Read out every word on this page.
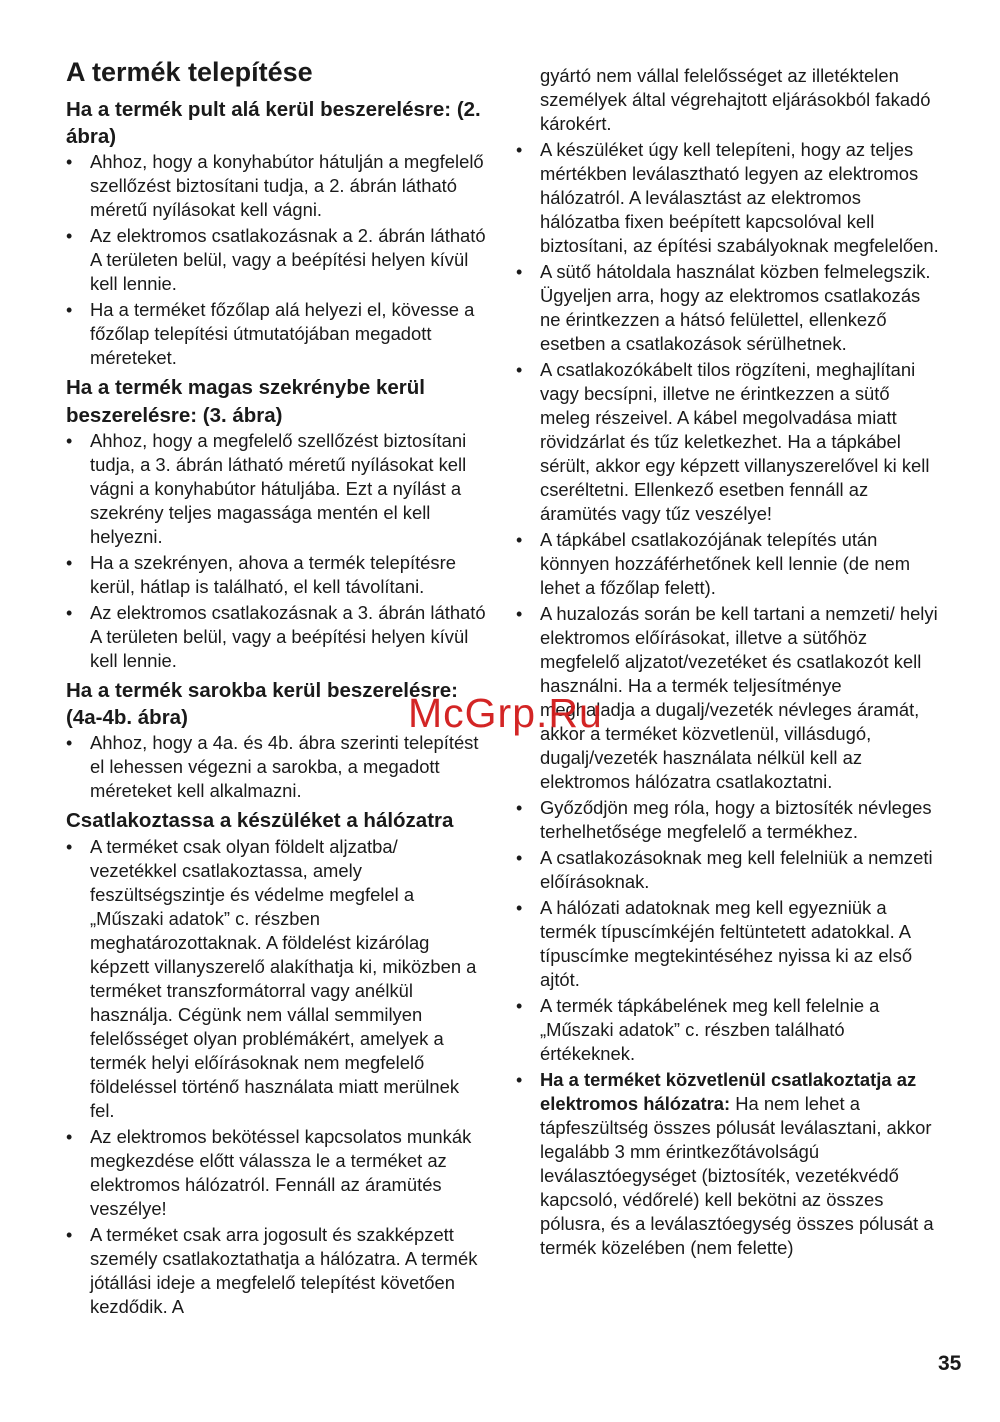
A termék telepítése
Ha a termék pult alá kerül beszerelésre: (2. ábra)
• Ahhoz, hogy a konyhabútor hátulján a megfelelő szellőzést biztosítani tudja, a 2. ábrán látható méretű nyílásokat kell vágni.
• Az elektromos csatlakozásnak a 2. ábrán látható A területen belül, vagy a beépítési helyen kívül kell lennie.
• Ha a terméket főzőlap alá helyezi el, kövesse a főzőlap telepítési útmutatójában megadott méreteket.
Ha a termék magas szekrénybe kerül beszerelésre: (3. ábra)
• Ahhoz, hogy a megfelelő szellőzést biztosítani tudja, a 3. ábrán látható méretű nyílásokat kell vágni a konyhabútor hátuljába. Ezt a nyílást a szekrény teljes magassága mentén el kell helyezni.
• Ha a szekrényen, ahova a termék telepítésre kerül, hátlap is található, el kell távolítani.
• Az elektromos csatlakozásnak a 3. ábrán látható A területen belül, vagy a beépítési helyen kívül kell lennie.
Ha a termék sarokba kerül beszerelésre: (4a-4b. ábra)
• Ahhoz, hogy a 4a. és 4b. ábra szerinti telepítést el lehessen végezni a sarokba, a megadott méreteket kell alkalmazni.
Csatlakoztassa a készüléket a hálózatra
• A terméket csak olyan földelt aljzatba/ vezetékkel csatlakoztassa, amely feszültségszintje és védelme megfelel a „Műszaki adatok” c. részben meghatározottaknak. A földelést kizárólag képzett villanyszerelő alakíthatja ki, miközben a terméket transzformátorral vagy anélkül használja. Cégünk nem vállal semmilyen felelősséget olyan problémákért, amelyek a termék helyi előírásoknak nem megfelelő földeléssel történő használata miatt merülnek fel.
• Az elektromos bekötéssel kapcsolatos munkák megkezdése előtt válassza le a terméket az elektromos hálózatról. Fennáll az áramütés veszélye!
• A terméket csak arra jogosult és szakképzett személy csatlakoztathatja a hálózatra. A termék jótállási ideje a megfelelő telepítést követően kezdődik. A
gyártó nem vállal felelősséget az illetéktelen személyek által végrehajtott eljárásokból fakadó károkért.
• A készüléket úgy kell telepíteni, hogy az teljes mértékben leválasztható legyen az elektromos hálózatról. A leválasztást az elektromos hálózatba fixen beépített kapcsolóval kell biztosítani, az építési szabályoknak megfelelően.
• A sütő hátoldala használat közben felmelegszik. Ügyeljen arra, hogy az elektromos csatlakozás ne érintkezzen a hátsó felülettel, ellenkező esetben a csatlakozások sérülhetnek.
• A csatlakozókábelt tilos rögzíteni, meghajlítani vagy becsípni, illetve ne érintkezzen a sütő meleg részeivel. A kábel megolvadása miatt rövidzárlat és tűz keletkezhet. Ha a tápkábel sérült, akkor egy képzett villanyszerelővel ki kell cseréltetni. Ellenkező esetben fennáll az áramütés vagy tűz veszélye!
• A tápkábel csatlakozójának telepítés után könnyen hozzáférhetőnek kell lennie (de nem lehet a főzőlap felett).
• A huzalozás során be kell tartani a nemzeti/ helyi elektromos előírásokat, illetve a sütőhöz megfelelő aljzatot/vezetéket és csatlakozót kell használni. Ha a termék teljesítménye meghaladja a dugalj/vezeték névleges áramát, akkor a terméket közvetlenül, villásdugó, dugalj/vezeték használata nélkül kell az elektromos hálózatra csatlakoztatni.
• Győződjön meg róla, hogy a biztosíték névleges terhelhetősége megfelelő a termékhez.
• A csatlakozásoknak meg kell felelniük a nemzeti előírásoknak.
• A hálózati adatoknak meg kell egyezniük a termék típuscímkéjén feltüntetett adatokkal. A típuscímke megtekintéséhez nyissa ki az első ajtót.
• A termék tápkábelének meg kell felelnie a „Műszaki adatok” c. részben található értékeknek.
• Ha a terméket közvetlenül csatlakoztatja az elektromos hálózatra: Ha nem lehet a tápfeszültség összes pólusát leválasztani, akkor legalább 3 mm érintkezőtávolságú leválasztóegységet (biztosíték, vezetékvédő kapcsoló, védőrelé) kell bekötni az összes pólusra, és a leválasztóegység összes pólusát a termék közelében (nem felette)
McGrp.Ru
35
